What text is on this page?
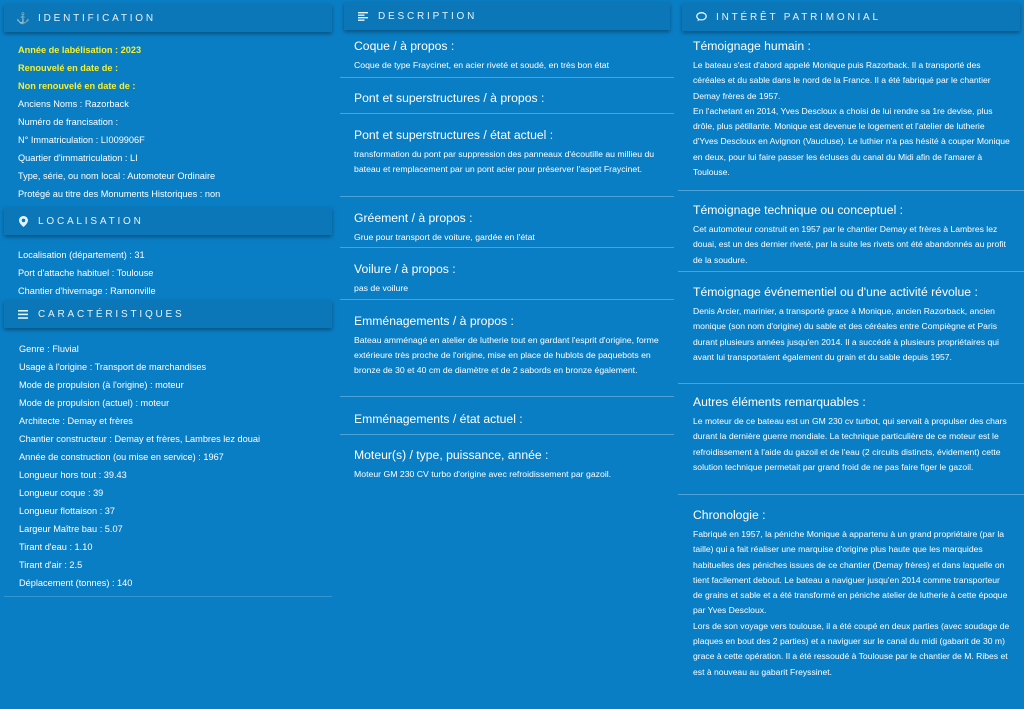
⚓ IDENTIFICATION
Année de labélisation : 2023
Renouvelé en date de :
Non renouvelé en date de :
Anciens Noms : Razorback
Numéro de francisation :
N° Immatriculation : LI009906F
Quartier d'immatriculation : LI
Type, série, ou nom local : Automoteur Ordinaire
Protégé au titre des Monuments Historiques : non
LOCALISATION
Localisation (département) : 31
Port d'attache habituel : Toulouse
Chantier d'hivernage : Ramonville
CARACTÉRISTIQUES
Genre : Fluvial
Usage à l'origine : Transport de marchandises
Mode de propulsion (à l'origine) : moteur
Mode de propulsion (actuel) : moteur
Architecte : Demay et frères
Chantier constructeur : Demay et frères, Lambres lez douai
Année de construction (ou mise en service) : 1967
Longueur hors tout : 39.43
Longueur coque : 39
Longueur flottaison : 37
Largeur Maître bau : 5.07
Tirant d'eau : 1.10
Tirant d'air : 2.5
Déplacement (tonnes) : 140
DESCRIPTION
Coque / à propos :

Coque de type Fraycinet, en acier riveté et soudé, en très bon état

Pont et superstructures / à propos :
Pont et superstructures / état actuel :

transformation du pont par suppression des panneaux d'écoutille au millieu du bateau et remplacement par un pont acier pour préserver l'aspet Fraycinet.

Gréement / à propos :

Grue pour transport de voiture, gardée en l'état

Voilure / à propos :

pas de voilure

Emménagements / à propos :

Bateau amménagé en atelier de lutherie tout en gardant l'esprit d'origine, forme extérieure très proche de l'origine, mise en place de hublots de paquebots en bronze de 30 et 40 cm de diamètre et de 2 sabords en bronze également.

Emménagements / état actuel :
Moteur(s) / type, puissance, année :

Moteur GM 230 CV turbo d'origine avec refroidissement par gazoil.

INTÉRÊT PATRIMONIAL
Témoignage humain :

Le bateau s'est d'abord appelé Monique puis Razorback. Il a transporté des céréales et du sable dans le nord de la France. Il a été fabriqué par le chantier Demay frères de 1957.
En l'achetant en 2014, Yves Descloux a choisi de lui rendre sa 1re devise, plus drôle, plus pétillante. Monique est devenue le logement et l'atelier de lutherie d'Yves Descloux en Avignon (Vaucluse). Le luthier n'a pas hésité à couper Monique en deux, pour lui faire passer les écluses du canal du Midi afin de l'amarer à Toulouse.

Témoignage technique ou conceptuel :

Cet automoteur construit en 1957 par le chantier Demay et frères à Lambres lez douai, est un des dernier riveté, par la suite les rivets ont été abandonnés au profit de la soudure.

Témoignage événementiel ou d'une activité révolue :

Denis Arcier, marinier, a transporté grace à Monique, ancien Razorback, ancien monique (son nom d'origine) du sable et des céréales entre Compiègne et Paris durant plusieurs années jusqu'en 2014. Il a succédé à plusieurs propriétaires qui avant lui transportaient également du grain et du sable depuis 1957.

Autres éléments remarquables :

Le moteur de ce bateau est un GM 230 cv turbot, qui servait à propulser des chars durant la dernière guerre mondiale. La technique particulière de ce moteur est le refroidissement à l'aide du gazoil et de l'eau (2 circuits distincts, évidement) cette solution technique permetait par grand froid de ne pas faire figer le gazoil.

Chronologie :

Fabriqué en 1957, la péniche Monique à appartenu à un grand propriétaire (par la taille) qui a fait réaliser une marquise d'origine plus haute que les marquides habituelles des péniches issues de ce chantier (Demay frères) et dans laquelle on tient facilement debout. Le bateau a naviguer jusqu'en 2014 comme transporteur de grains et sable et a été transformé en péniche atelier de lutherie à cette époque par Yves Descloux.
Lors de son voyage vers toulouse, il a été coupé en deux parties (avec soudage de plaques en bout des 2 parties) et a naviguer sur le canal du midi (gabarit de 30 m) grace à cette opération. Il a été ressoudé à Toulouse par le chantier de M. Ribes et est à nouveau au gabarit Freyssinet.
